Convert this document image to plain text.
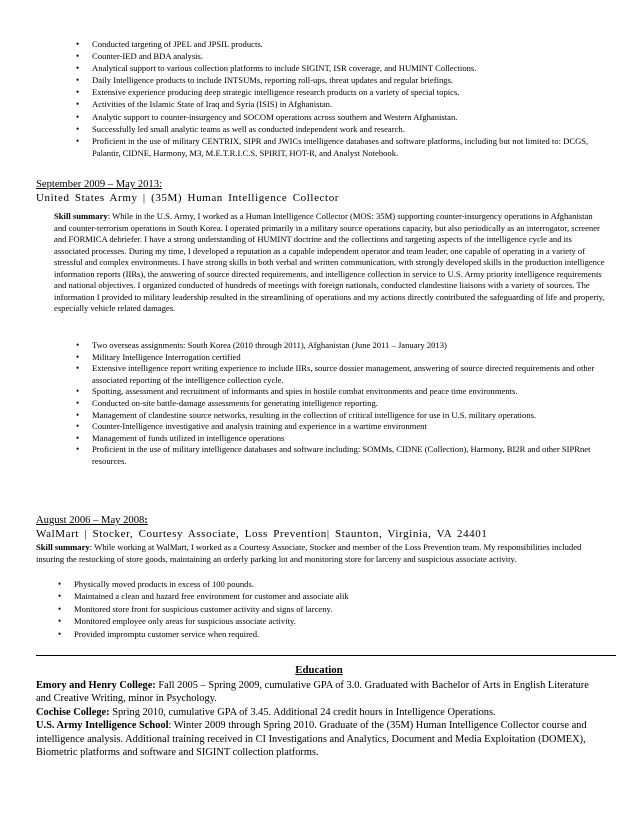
• Conducted targeting of JPEL and JPSIL products.
• Counter-IED and BDA analysis.
• Analytical support to various collection platforms to include SIGINT, ISR coverage, and HUMINT Collections.
• Daily Intelligence products to include INTSUMs, reporting roll-ups, threat updates and regular briefings.
• Extensive experience producing deep strategic intelligence research products on a variety of special topics.
• Activities of the Islamic State of Iraq and Syria (ISIS) in Afghanistan.
• Analytic support to counter-insurgency and SOCOM operations across southern and Western Afghanistan.
• Successfully led small analytic teams as well as conducted independent work and research.
• Proficient in the use of military CENTRIX, SIPR and JWICs intelligence databases and software platforms, including but not limited to: DCGS, Palantir, CIDNE, Harmony, M3, M.E.T.R.I.C.S, SPIRIT, HOT-R, and Analyst Notebook.
September 2009 – May 2013:
United States Army | (35M) Human Intelligence Collector
Skill summary: While in the U.S. Army, I worked as a Human Intelligence Collector (MOS: 35M) supporting counter-insurgency operations in Afghanistan and counter-terrorism operations in South Korea. I operated primarily in a military source operations capacity, but also periodically as an interrogator, screener and FORMICA debriefer. I have a strong understanding of HUMINT doctrine and the collections and targeting aspects of the intelligence cycle and its associated processes. During my time, I developed a reputation as a capable independent operator and team leader, one capable of operating in a variety of stressful and complex environments. I have strong skills in both verbal and written communication, with strongly developed skills in the production intelligence information reports (IIRs), the answering of source directed requirements, and intelligence collection in service to U.S. Army priority intelligence requirements and national objectives. I organized conducted of hundreds of meetings with foreign nationals, conducted clandestine liaisons with a variety of sources. The information I provided to military leadership resulted in the streamlining of operations and my actions directly contributed the safeguarding of life and property, especially vehicle related damages.
• Two overseas assignments: South Korea (2010 through 2011), Afghanistan (June 2011 – January 2013)
• Military Intelligence Interrogation certified
• Extensive intelligence report writing experience to include IIRs, source dossier management, answering of source directed requirements and other associated reporting of the intelligence collection cycle.
• Spotting, assessment and recruitment of informants and spies in hostile combat environments and peace time environments.
• Conducted on-site battle-damage assessments for generating intelligence reporting.
• Management of clandestine source networks, resulting in the collection of critical intelligence for use in U.S. military operations.
• Counter-Intelligence investigative and analysis training and experience in a wartime environment
• Management of funds utilized in intelligence operations
• Proficient in the use of military intelligence databases and software including: SOMMs, CIDNE (Collection), Harmony, BI2R and other SIPRnet resources.
August 2006 – May 2008:
WalMart | Stocker, Courtesy Associate, Loss Prevention| Staunton, Virginia, VA 24401
Skill summary: While working at WalMart, I worked as a Courtesy Associate, Stocker and member of the Loss Prevention team. My responsibilities included insuring the restocking of store goods, maintaining an orderly parking lot and monitoring store for larceny and suspicious associate activity.
• Physically moved products in excess of 100 pounds.
• Maintained a clean and hazard free environment for customer and associate alik
• Monitored store front for suspicious customer activity and signs of larceny.
• Monitored employee only areas for suspicious associate activity.
• Provided impromptu customer service when required.
Education
Emory and Henry College: Fall 2005 – Spring 2009, cumulative GPA of 3.0. Graduated with Bachelor of Arts in English Literature and Creative Writing, minor in Psychology.
Cochise College: Spring 2010, cumulative GPA of 3.45. Additional 24 credit hours in Intelligence Operations.
U.S. Army Intelligence School: Winter 2009 through Spring 2010. Graduate of the (35M) Human Intelligence Collector course and intelligence analysis. Additional training received in CI Investigations and Analytics, Document and Media Exploitation (DOMEX), Biometric platforms and software and SIGINT collection platforms.
